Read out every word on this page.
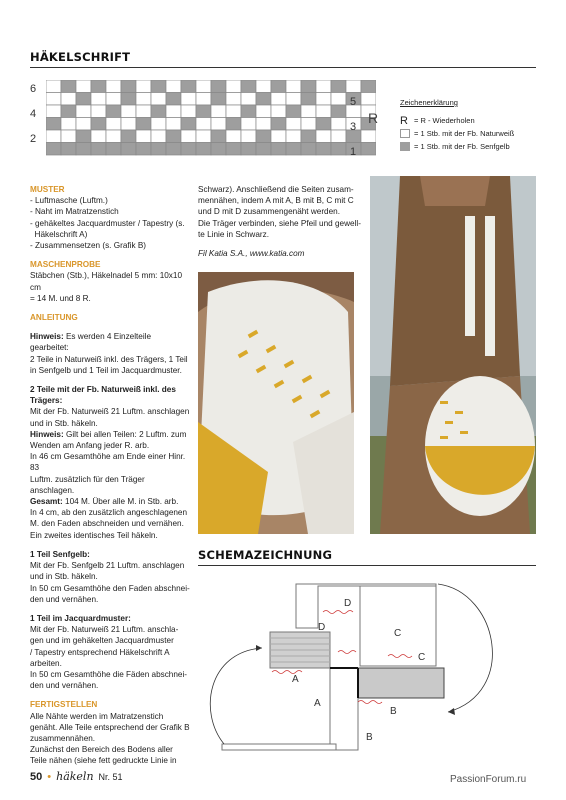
HÄKELSCHRIFT
6
4
2
5
3
1
R
Zeichenerklärung
R = R - Wiederholen
= 1 Stb. mit der Fb. Naturweiß
= 1 Stb. mit der Fb. Senfgelb

MUSTER

- Luftmasche (Luftm.)

- Naht im Matratzenstich

- gehäkeltes Jacquardmuster / Tapestry (s.

Häkelschrift A)

- Zusammensetzen (s. Grafik B)

MASCHENPROBE

Stäbchen (Stb.), Häkelnadel 5 mm: 10x10 cm

= 14 M. und 8 R.

ANLEITUNG

Hinweis: Es werden 4 Einzelteile gearbeitet:

2 Teile in Naturweiß inkl. des Trägers, 1 Teil

in Senfgelb und 1 Teil im Jacquardmuster.

2 Teile mit der Fb. Naturweiß inkl. des

Trägers:

Mit der Fb. Naturweiß 21 Luftm. anschlagen

und in Stb. häkeln.

Hinweis: Gilt bei allen Teilen: 2 Luftm. zum

Wenden am Anfang jeder R. arb.

In 46 cm Gesamthöhe am Ende einer Hinr. 83

Luftm. zusätzlich für den Träger anschlagen.

Gesamt: 104 M. Über alle M. in Stb. arb.

In 4 cm, ab den zusätzlich angeschlagenen

M. den Faden abschneiden und vernähen.

Ein zweites identisches Teil häkeln.

1 Teil Senfgelb:

Mit der Fb. Senfgelb 21 Luftm. anschlagen

und in Stb. häkeln.

In 50 cm Gesamthöhe den Faden abschnei-

den und vernähen.

1 Teil im Jacquardmuster:

Mit der Fb. Naturweiß 21 Luftm. anschla-

gen und im gehäkelten Jacquardmuster

/ Tapestry entsprechend Häkelschrift A

arbeiten.

In 50 cm Gesamthöhe die Fäden abschnei-

den und vernähen.

FERTIGSTELLEN

Alle Nähte werden im Matratzenstich

genäht. Alle Teile entsprechend der Grafik B

zusammennähen.

Zunächst den Bereich des Bodens aller

Teile nähen (siehe fett gedruckte Linie in

Schwarz). Anschließend die Seiten zusam-

mennähen, indem A mit A, B mit B, C mit C

und D mit D zusammengenäht werden.

Die Träger verbinden, siehe Pfeil und gewell-

te Linie in Schwarz.

Fil Katia S.A., www.katia.com

SCHEMAZEICHNUNG
D
D
C
C
A
A
B
B
50 • häkeln Nr. 51	PassionForum.ru
